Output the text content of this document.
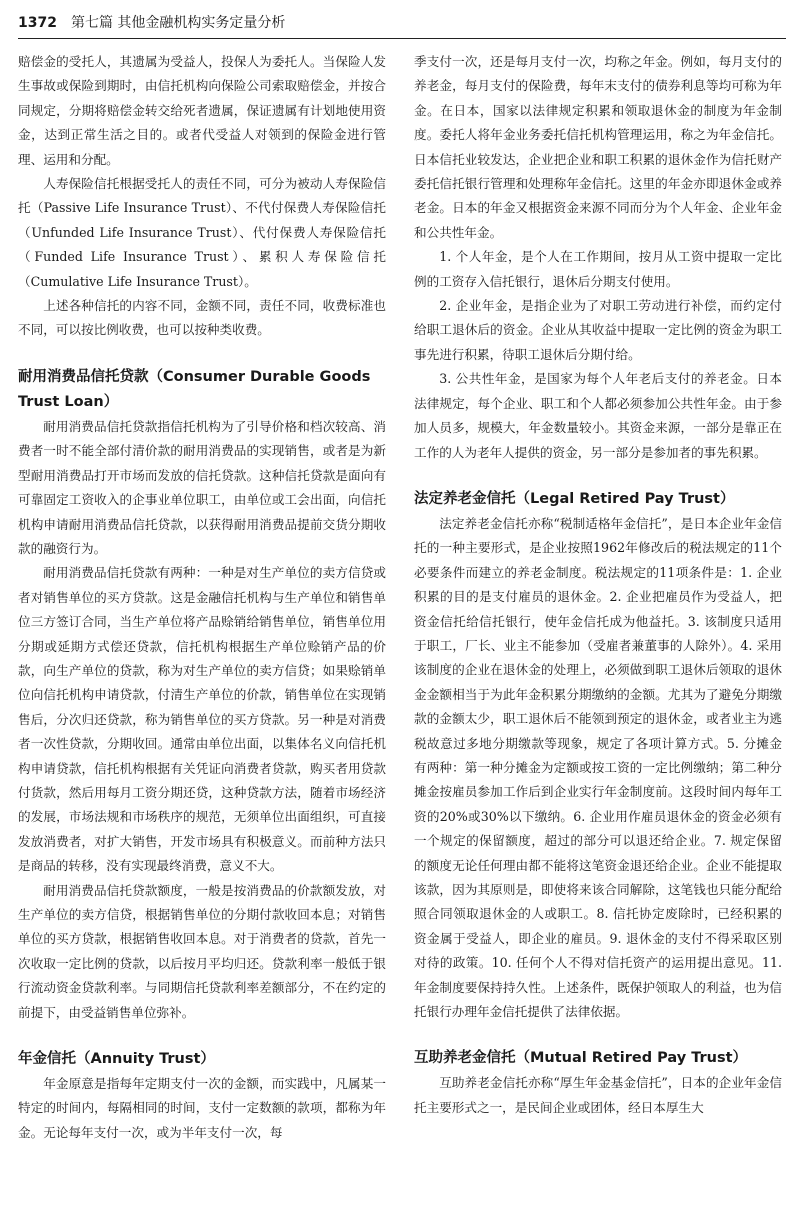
1372 第七篇 其他金融机构实务定量分析

赔偿金的受托人，其遗属为受益人，投保人为委托人。当保险人发生事故或保险到期时，由信托机构向保险公司索取赔偿金，并按合同规定，分期将赔偿金转交给死者遗属，保证遗属有计划地使用资金，达到正常生活之目的。或者代受益人对领到的保险金进行管理、运用和分配。

人寿保险信托根据受托人的责任不同，可分为被动人寿保险信托（Passive Life Insurance Trust）、不代付保费人寿保险信托（Unfunded Life Insurance Trust）、代付保费人寿保险信托（Funded Life Insurance Trust）、累积人寿保险信托（Cumulative Life Insurance Trust）。

上述各种信托的内容不同，金额不同，责任不同，收费标准也不同，可以按比例收费，也可以按种类收费。

耐用消费品信托贷款（Consumer Durable Goods Trust Loan）

耐用消费品信托贷款指信托机构为了引导价格和档次较高、消费者一时不能全部付清价款的耐用消费品的实现销售，或者是为新型耐用消费品打开市场而发放的信托贷款。这种信托贷款是面向有可靠固定工资收入的企事业单位职工，由单位或工会出面，向信托机构申请耐用消费品信托贷款，以获得耐用消费品提前交货分期收款的融资行为。

耐用消费品信托贷款有两种：一种是对生产单位的卖方信贷或者对销售单位的买方贷款。这是金融信托机构与生产单位和销售单位三方签订合同，当生产单位将产品赊销给销售单位，销售单位用分期或延期方式偿还贷款，信托机构根据生产单位赊销产品的价款，向生产单位的贷款，称为对生产单位的卖方信贷；如果赊销单位向信托机构申请贷款，付清生产单位的价款，销售单位在实现销售后，分次归还贷款，称为销售单位的买方贷款。另一种是对消费者一次性贷款，分期收回。通常由单位出面，以集体名义向信托机构申请贷款，信托机构根据有关凭证向消费者贷款，购买者用贷款付货款，然后用每月工资分期还贷，这种贷款方法，随着市场经济的发展，市场法规和市场秩序的规范，无须单位出面组织，可直接发放消费者，对扩大销售，开发市场具有积极意义。而前种方法只是商品的转移，没有实现最终消费，意义不大。

耐用消费品信托贷款额度，一般是按消费品的价款额发放，对生产单位的卖方信贷，根据销售单位的分期付款收回本息；对销售单位的买方贷款，根据销售收回本息。对于消费者的贷款，首先一次收取一定比例的贷款，以后按月平均归还。贷款利率一般低于银行流动资金贷款利率。与同期信托贷款利率差额部分，不在约定的前提下，由受益销售单位弥补。

年金信托（Annuity Trust）

年金原意是指每年定期支付一次的金额，而实践中，凡属某一特定的时间内，每隔相同的时间，支付一定数额的款项，都称为年金。无论每年支付一次，或为半年支付一次，每

季支付一次，还是每月支付一次，均称之年金。例如，每月支付的养老金，每月支付的保险费，每年末支付的债券利息等均可称为年金。在日本，国家以法律规定积累和领取退休金的制度为年金制度。委托人将年金业务委托信托机构管理运用，称之为年金信托。日本信托业较发达，企业把企业和职工积累的退休金作为信托财产委托信托银行管理和处理称年金信托。这里的年金亦即退休金或养老金。日本的年金又根据资金来源不同而分为个人年金、企业年金和公共性年金。

1. 个人年金，是个人在工作期间，按月从工资中提取一定比例的工资存入信托银行，退休后分期支付使用。

2. 企业年金，是指企业为了对职工劳动进行补偿，而约定付给职工退休后的资金。企业从其收益中提取一定比例的资金为职工事先进行积累，待职工退休后分期付给。

3. 公共性年金，是国家为每个人年老后支付的养老金。日本法律规定，每个企业、职工和个人都必须参加公共性年金。由于参加人员多，规模大，年金数量较小。其资金来源，一部分是靠正在工作的人为老年人提供的资金，另一部分是参加者的事先积累。

法定养老金信托（Legal Retired Pay Trust）

法定养老金信托亦称“税制适格年金信托”，是日本企业年金信托的一种主要形式，是企业按照1962年修改后的税法规定的11个必要条件而建立的养老金制度。税法规定的11项条件是：1. 企业积累的目的是支付雇员的退休金。2. 企业把雇员作为受益人，把资金信托给信托银行，使年金信托成为他益托。3. 该制度只适用于职工，厂长、业主不能参加（受雇者兼董事的人除外）。4. 采用该制度的企业在退休金的处理上，必须做到职工退休后领取的退休金金额相当于为此年金积累分期缴纳的金额。尤其为了避免分期缴款的金额太少，职工退休后不能领到预定的退休金，或者业主为逃税故意过多地分期缴款等现象，规定了各项计算方式。5. 分摊金有两种：第一种分摊金为定额或按工资的一定比例缴纳；第二种分摊金按雇员参加工作后到企业实行年金制度前。这段时间内每年工资的20%或30%以下缴纳。6. 企业用作雇员退休金的资金必须有一个规定的保留额度，超过的部分可以退还给企业。7. 规定保留的额度无论任何理由都不能将这笔资金退还给企业。企业不能提取该款，因为其原则是，即使将来该合同解除，这笔钱也只能分配给照合同领取退休金的人或职工。8. 信托协定废除时，已经积累的资金属于受益人，即企业的雇员。9. 退休金的支付不得采取区别对待的政策。10. 任何个人不得对信托资产的运用提出意见。11. 年金制度要保持持久性。上述条件，既保护领取人的利益，也为信托银行办理年金信托提供了法律依据。

互助养老金信托（Mutual Retired Pay Trust）

互助养老金信托亦称“厚生年金基金信托”，日本的企业年金信托主要形式之一，是民间企业或团体，经日本厚生大
